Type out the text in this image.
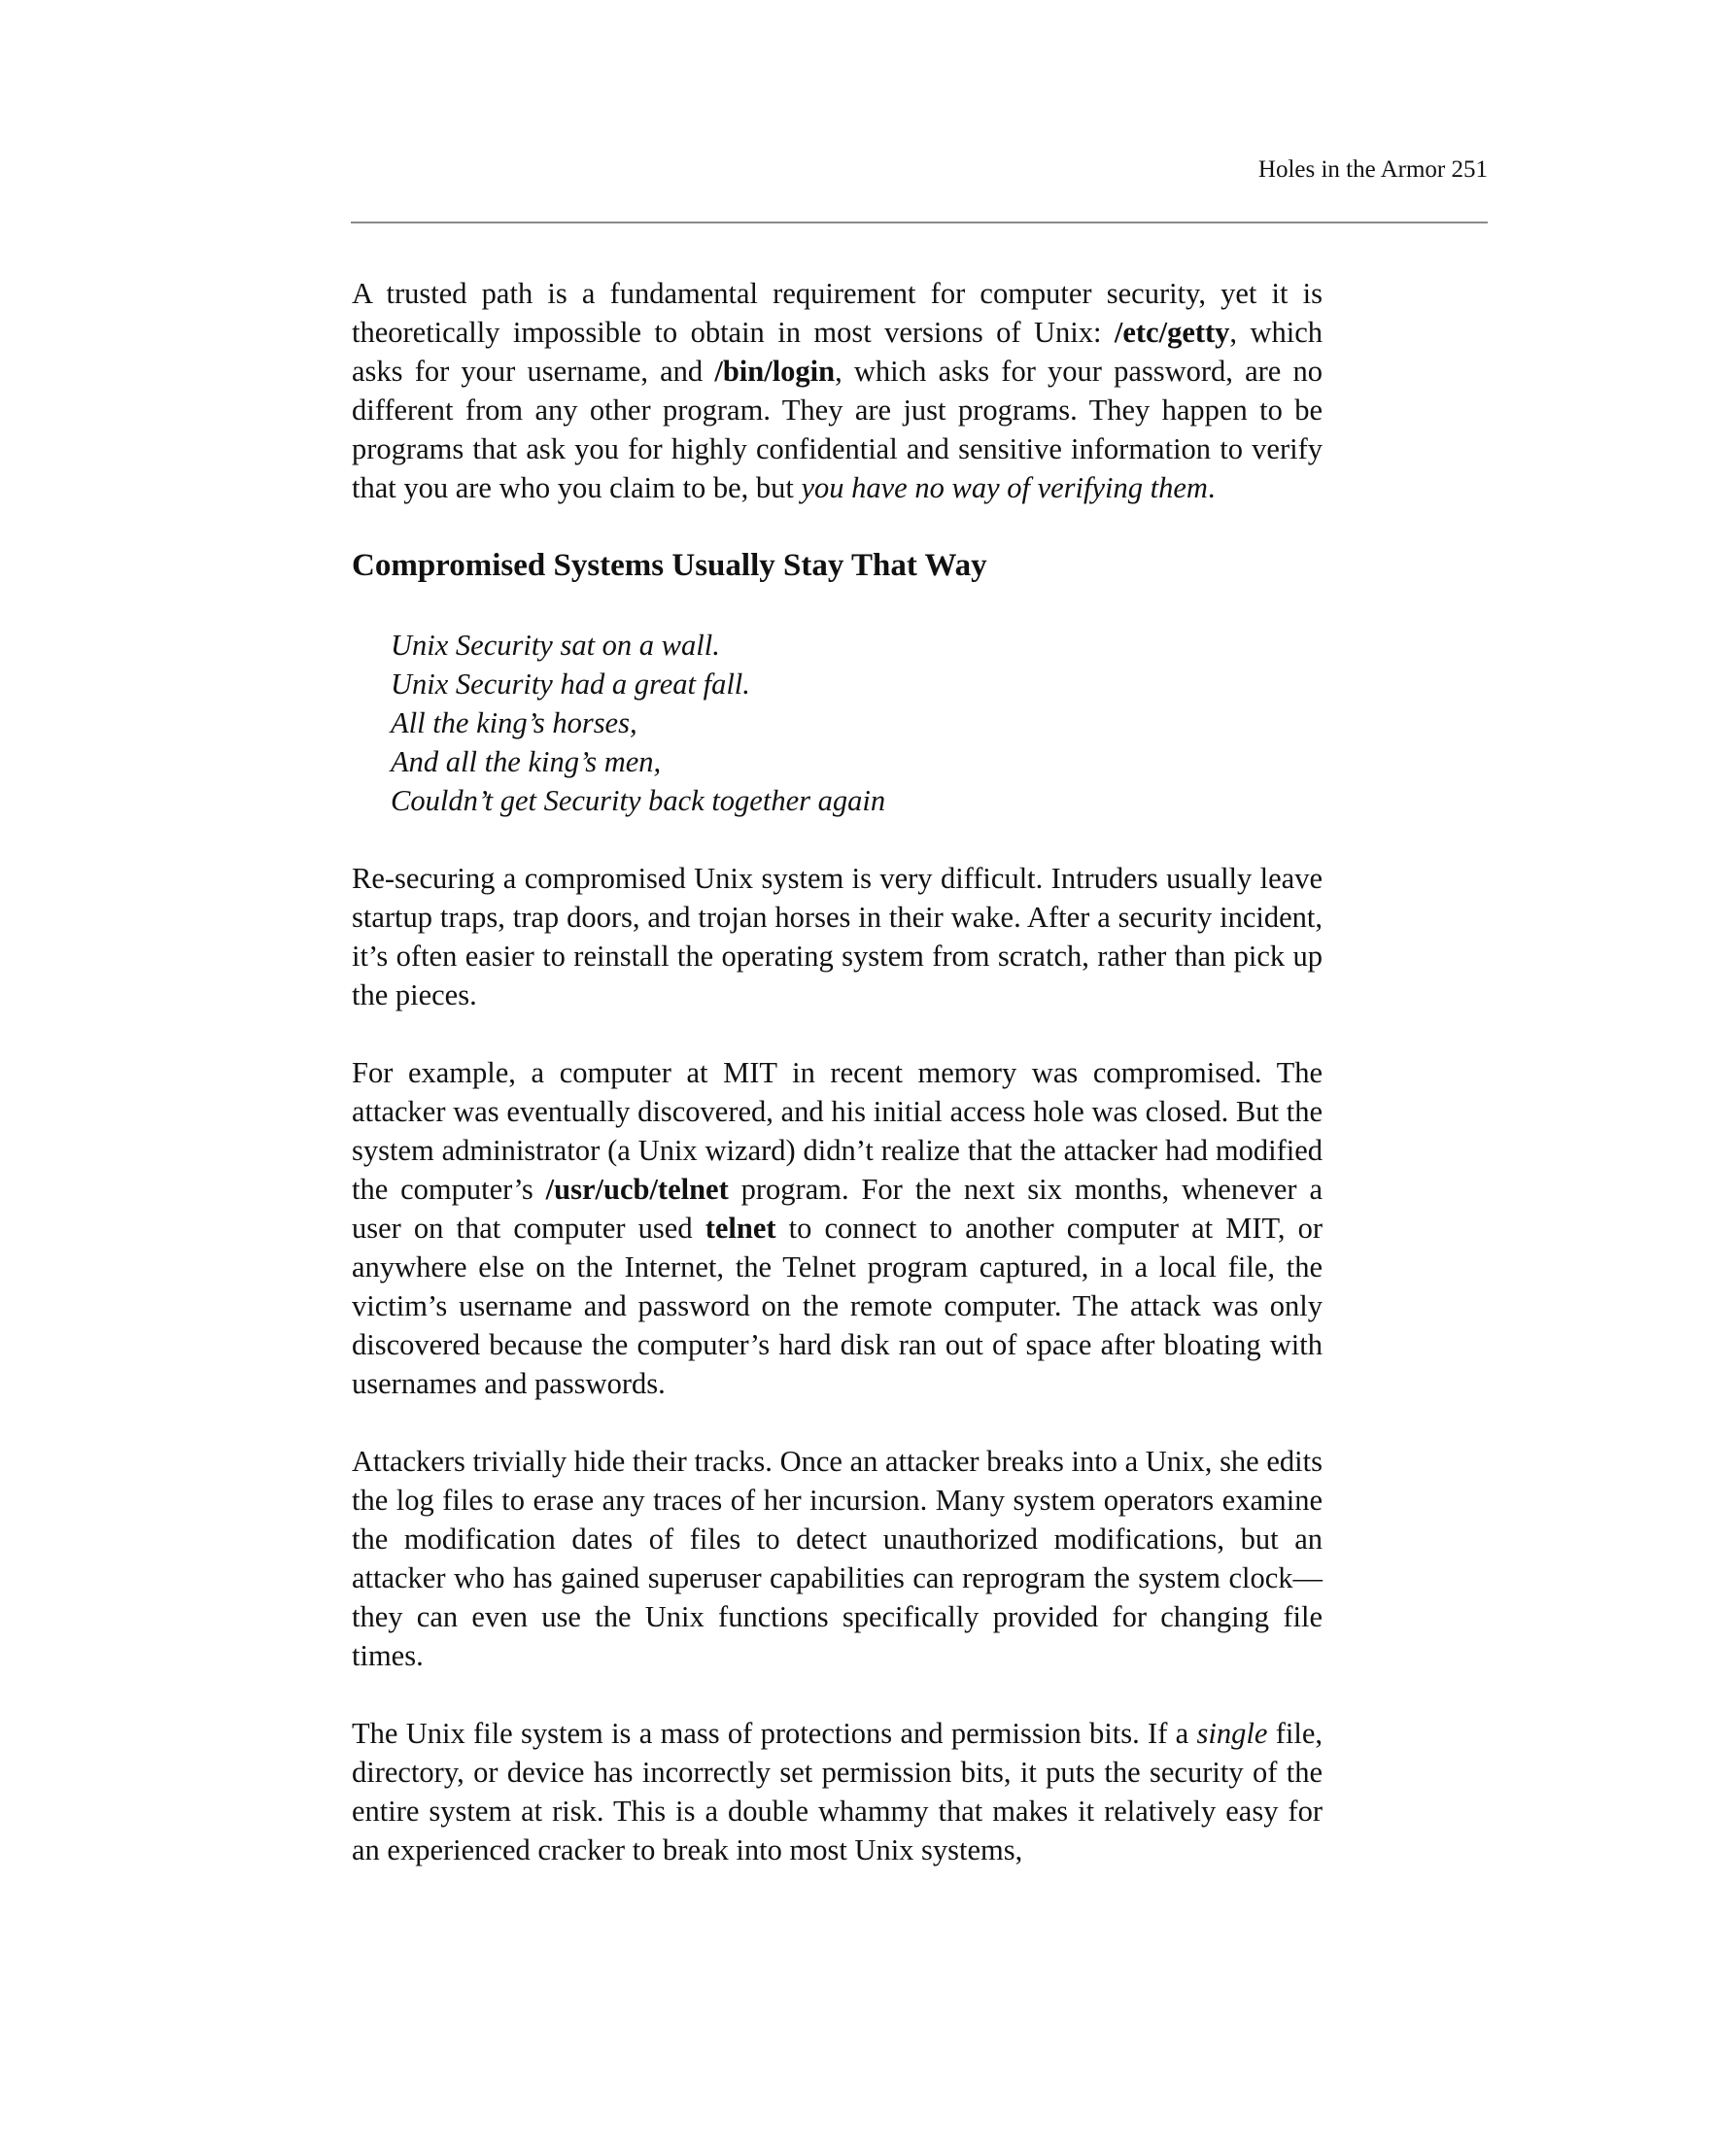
Holes in the Armor 251

A trusted path is a fundamental requirement for computer security, yet it is theoretically impossible to obtain in most versions of Unix: /etc/getty, which asks for your username, and /bin/login, which asks for your password, are no different from any other program. They are just programs. They happen to be programs that ask you for highly confidential and sensitive information to verify that you are who you claim to be, but you have no way of verifying them.

Compromised Systems Usually Stay That Way
Unix Security sat on a wall.
Unix Security had a great fall.
All the king’s horses,
And all the king’s men,
Couldn’t get Security back together again

Re-securing a compromised Unix system is very difficult. Intruders usually leave startup traps, trap doors, and trojan horses in their wake. After a security incident, it’s often easier to reinstall the operating system from scratch, rather than pick up the pieces.

For example, a computer at MIT in recent memory was compromised. The attacker was eventually discovered, and his initial access hole was closed. But the system administrator (a Unix wizard) didn’t realize that the attacker had modified the computer’s /usr/ucb/telnet program. For the next six months, whenever a user on that computer used telnet to connect to another computer at MIT, or anywhere else on the Internet, the Telnet program captured, in a local file, the victim’s username and password on the remote computer. The attack was only discovered because the computer’s hard disk ran out of space after bloating with usernames and passwords.

Attackers trivially hide their tracks. Once an attacker breaks into a Unix, she edits the log files to erase any traces of her incursion. Many system operators examine the modification dates of files to detect unauthorized modifications, but an attacker who has gained superuser capabilities can reprogram the system clock—they can even use the Unix functions specifically provided for changing file times.

The Unix file system is a mass of protections and permission bits. If a single file, directory, or device has incorrectly set permission bits, it puts the security of the entire system at risk. This is a double whammy that makes it relatively easy for an experienced cracker to break into most Unix systems,
